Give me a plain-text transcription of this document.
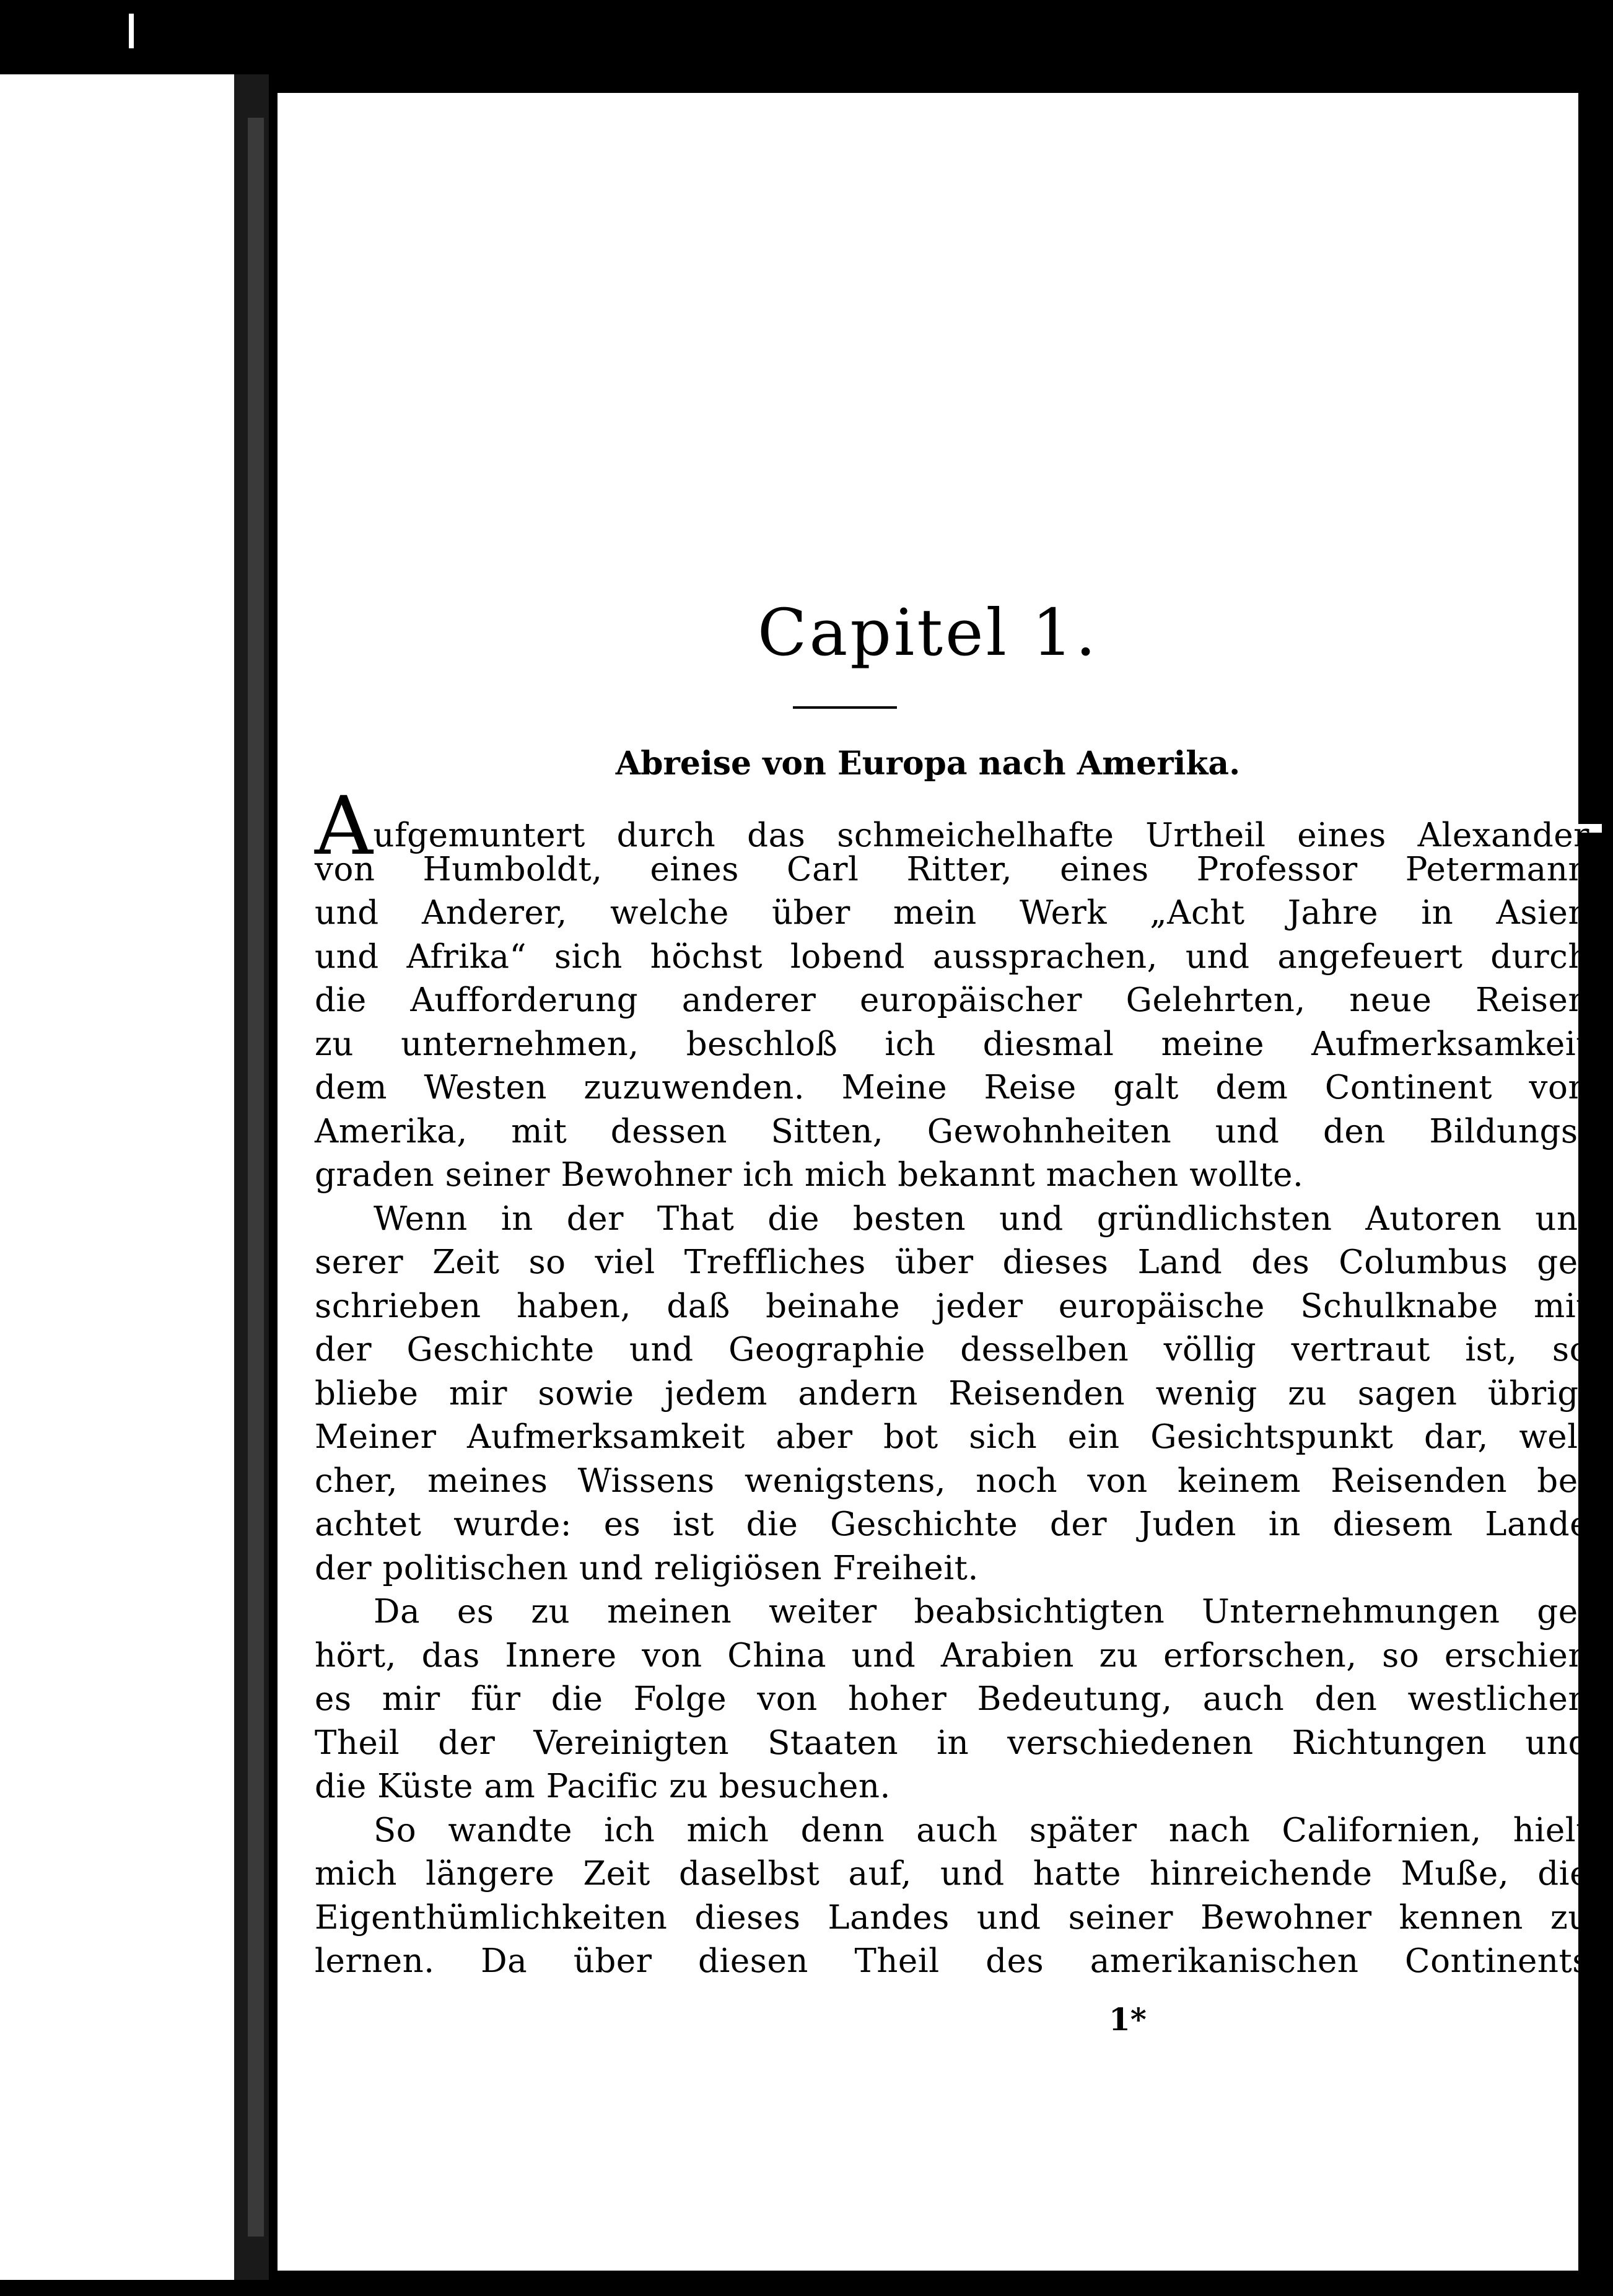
Capitel 1.
Abreise von Europa nach Amerika.
Aufgemuntert durch das schmeichelhafte Urtheil eines Alexander
von Humboldt, eines Carl Ritter, eines Professor Petermann
und Anderer, welche über mein Werk „Acht Jahre in Asien
und Afrika“ sich höchst lobend aussprachen, und angefeuert durch
die Aufforderung anderer europäischer Gelehrten, neue Reisen
zu unternehmen, beschloß ich diesmal meine Aufmerksamkeit
dem Westen zuzuwenden. Meine Reise galt dem Continent von
Amerika, mit dessen Sitten, Gewohnheiten und den Bildungs-
graden seiner Bewohner ich mich bekannt machen wollte.
Wenn in der That die besten und gründlichsten Autoren un-
serer Zeit so viel Treffliches über dieses Land des Columbus ge-
schrieben haben, daß beinahe jeder europäische Schulknabe mit
der Geschichte und Geographie desselben völlig vertraut ist, so
bliebe mir sowie jedem andern Reisenden wenig zu sagen übrig.
Meiner Aufmerksamkeit aber bot sich ein Gesichtspunkt dar, wel-
cher, meines Wissens wenigstens, noch von keinem Reisenden be-
achtet wurde: es ist die Geschichte der Juden in diesem Lande
der politischen und religiösen Freiheit.
Da es zu meinen weiter beabsichtigten Unternehmungen ge-
hört, das Innere von China und Arabien zu erforschen, so erschien
es mir für die Folge von hoher Bedeutung, auch den westlichen
Theil der Vereinigten Staaten in verschiedenen Richtungen und
die Küste am Pacific zu besuchen.
So wandte ich mich denn auch später nach Californien, hielt
mich längere Zeit daselbst auf, und hatte hinreichende Muße, die
Eigenthümlichkeiten dieses Landes und seiner Bewohner kennen zu
lernen. Da über diesen Theil des amerikanischen Continents
1*
